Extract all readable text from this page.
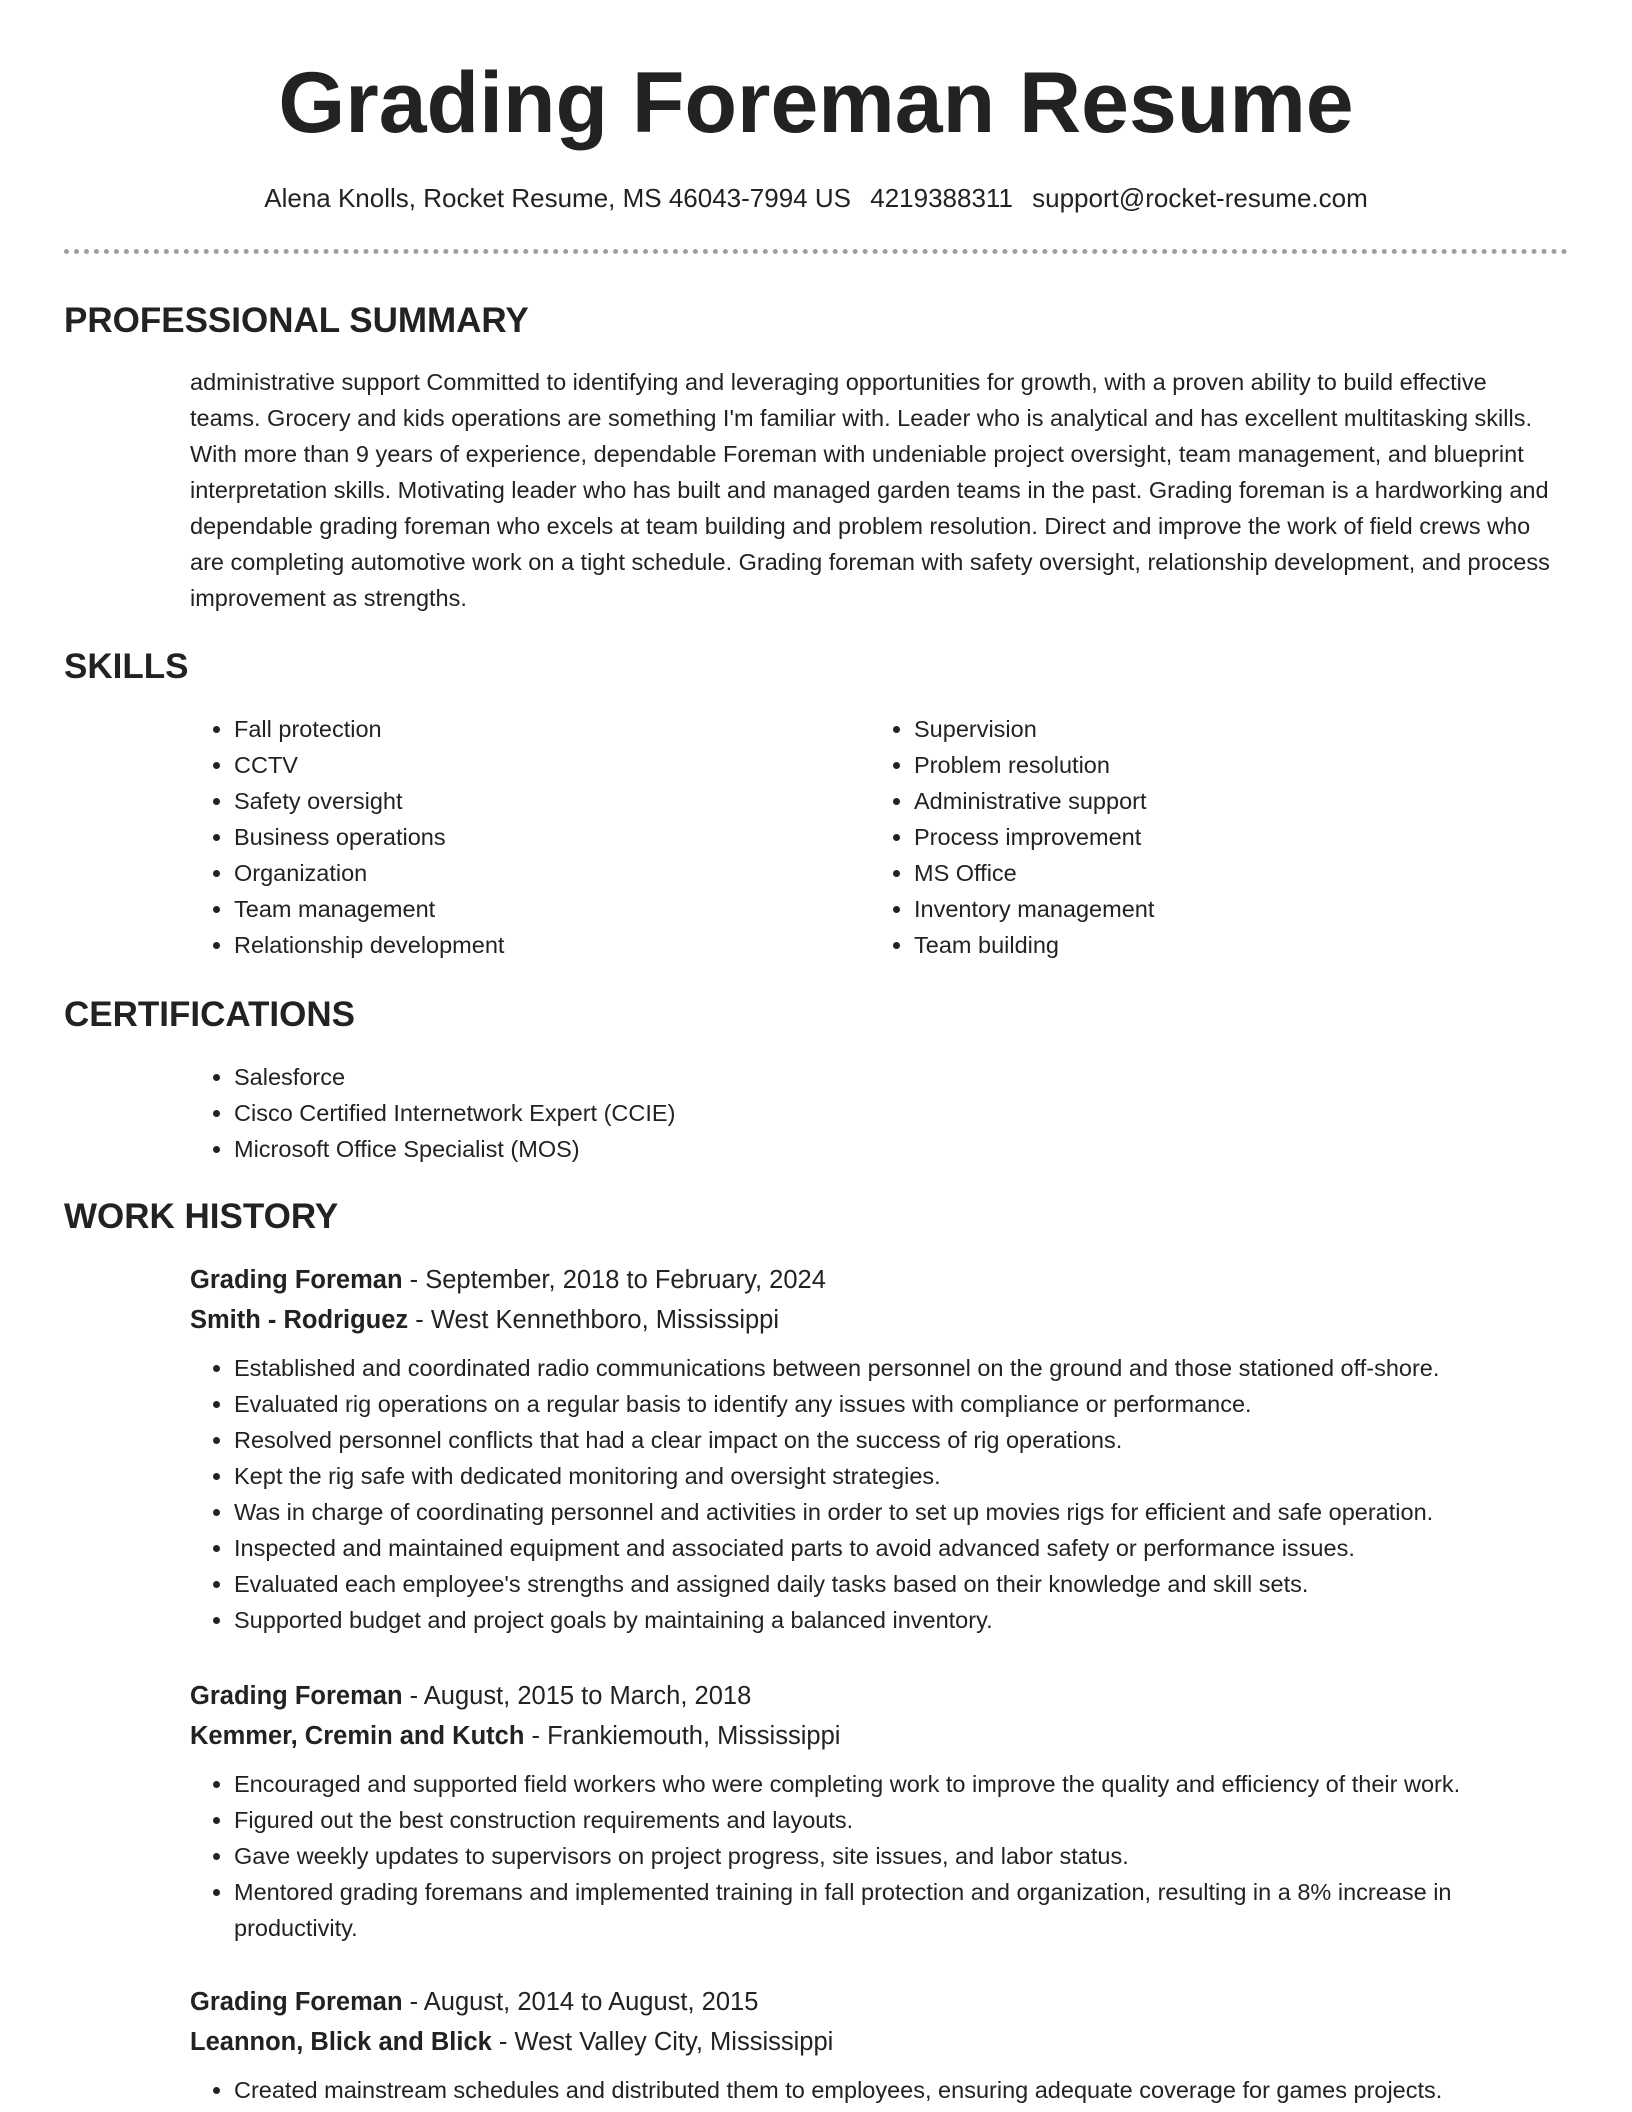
Grading Foreman Resume
Alena Knolls, Rocket Resume, MS 46043-7994 US 4219388311 support@rocket-resume.com
PROFESSIONAL SUMMARY

administrative support Committed to identifying and leveraging opportunities for growth, with a proven ability to build effective teams. Grocery and kids operations are something I'm familiar with. Leader who is analytical and has excellent multitasking skills. With more than 9 years of experience, dependable Foreman with undeniable project oversight, team management, and blueprint interpretation skills. Motivating leader who has built and managed garden teams in the past. Grading foreman is a hardworking and dependable grading foreman who excels at team building and problem resolution. Direct and improve the work of field crews who are completing automotive work on a tight schedule. Grading foreman with safety oversight, relationship development, and process improvement as strengths.

SKILLS
• Fall protection
• CCTV
• Safety oversight
• Business operations
• Organization
• Team management
• Relationship development
• Supervision
• Problem resolution
• Administrative support
• Process improvement
• MS Office
• Inventory management
• Team building
CERTIFICATIONS
• Salesforce
• Cisco Certified Internetwork Expert (CCIE)
• Microsoft Office Specialist (MOS)
WORK HISTORY

Grading Foreman - September, 2018 to February, 2024

Smith - Rodriguez - West Kennethboro, Mississippi

• Established and coordinated radio communications between personnel on the ground and those stationed off-shore.
• Evaluated rig operations on a regular basis to identify any issues with compliance or performance.
• Resolved personnel conflicts that had a clear impact on the success of rig operations.
• Kept the rig safe with dedicated monitoring and oversight strategies.
• Was in charge of coordinating personnel and activities in order to set up movies rigs for efficient and safe operation.
• Inspected and maintained equipment and associated parts to avoid advanced safety or performance issues.
• Evaluated each employee's strengths and assigned daily tasks based on their knowledge and skill sets.
• Supported budget and project goals by maintaining a balanced inventory.

Grading Foreman - August, 2015 to March, 2018

Kemmer, Cremin and Kutch - Frankiemouth, Mississippi

• Encouraged and supported field workers who were completing work to improve the quality and efficiency of their work.
• Figured out the best construction requirements and layouts.
• Gave weekly updates to supervisors on project progress, site issues, and labor status.
• Mentored grading foremans and implemented training in fall protection and organization, resulting in a 8% increase in productivity.

Grading Foreman - August, 2014 to August, 2015

Leannon, Blick and Blick - West Valley City, Mississippi

• Created mainstream schedules and distributed them to employees, ensuring adequate coverage for games projects.
